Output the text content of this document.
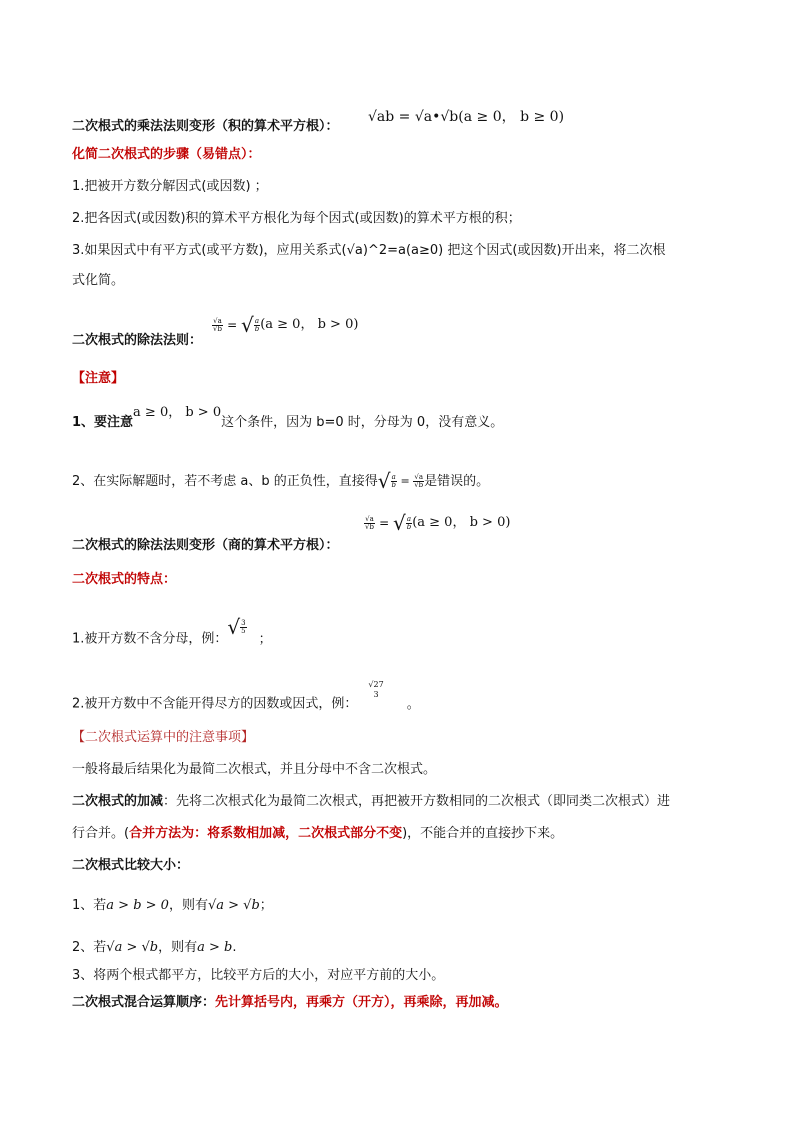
二次根式的乘法法则变形（积的算术平方根）：
√ab = √a•√b(a ≥ 0， b ≥ 0)
化简二次根式的步骤（易错点）：
1.把被开方数分解因式(或因数) ；
2.把各因式(或因数)积的算术平方根化为每个因式(或因数)的算术平方根的积；
3.如果因式中有平方式(或平方数)，应用关系式(√a)^2=a(a≥0) 把这个因式(或因数)开出来，将二次根
式化简。
二次根式的除法法则：
$\frac{√a}{√b}$ = √ $\frac{a}{b} (a \ge 0$， b > 0)
【注意】
1、要注意a ≥ 0， b > 0这个条件，因为 b=0 时，分母为 0，没有意义。
2、在实际解题时，若不考虑 a、b 的正负性，直接得√ $\frac{a}{b} = \frac{√a}{√b}$ 是错误的。
二次根式的除法法则变形（商的算术平方根）：
$\frac{√a}{√b}$ = √ $\frac{a}{b} (a \ge 0$， b > 0)
二次根式的特点：
1.被开方数不含分母，例：√ $\frac{3}{5}$
；
2.被开方数中不含能开得尽方的因数或因式，例：
√27
3
。
【二次根式运算中的注意事项】
一般将最后结果化为最简二次根式，并且分母中不含二次根式。
二次根式的加减：先将二次根式化为最简二次根式，再把被开方数相同的二次根式（即同类二次根式）进
行合并。(合并方法为：将系数相加减，二次根式部分不变)，不能合并的直接抄下来。
二次根式比较大小：
1、若a > b > 0，则有√a > √b；
2、若√a > √b，则有a > b.
3、将两个根式都平方，比较平方后的大小，对应平方前的大小。
二次根式混合运算顺序：先计算括号内，再乘方（开方），再乘除，再加减。
